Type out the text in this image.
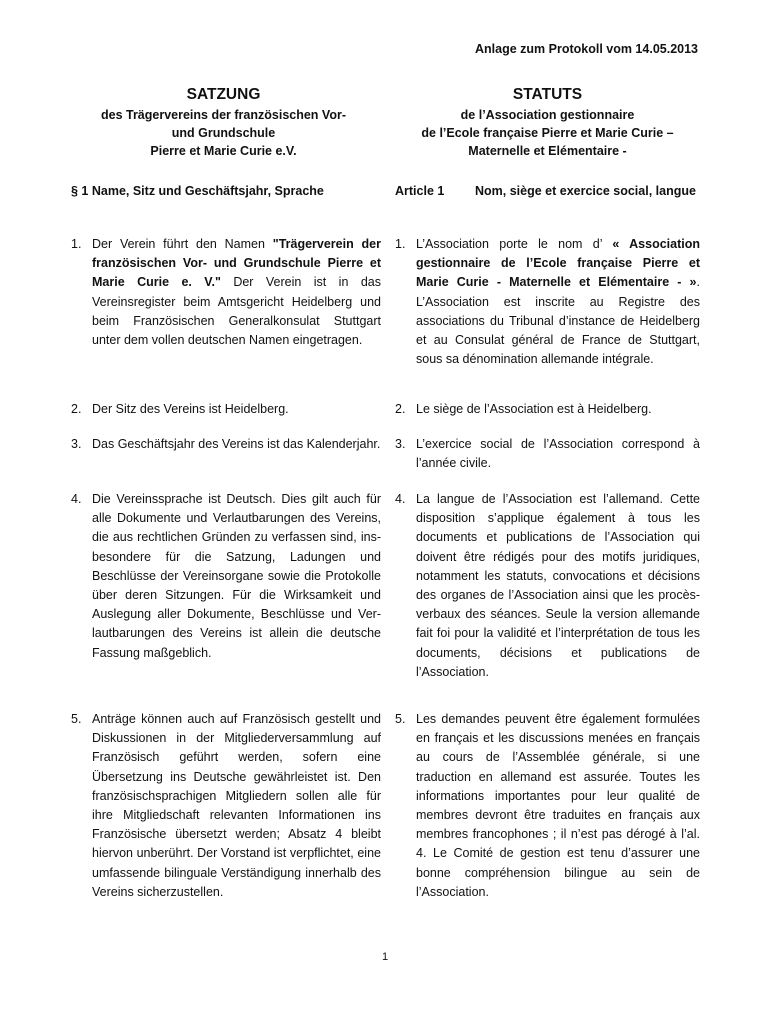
Anlage zum Protokoll vom 14.05.2013

SATZUNG

des Trägervereins der französischen Vor-
und Grundschule
Pierre et Marie Curie e.V.

STATUTS

de l’Association gestionnaire
de l’Ecole française Pierre et Marie Curie –
Maternelle et Elémentaire -

§ 1 Name, Sitz und Geschäftsjahr, Sprache	Article 1	Nom, siège et exercice social, langue
1. Der Verein führt den Namen "Trägerverein der französischen Vor- und Grundschule Pierre et Marie Curie e. V." Der Verein ist in das Vereinsregister beim Amtsgericht Heidelberg und beim Französischen Generalkonsulat Stuttgart unter dem vollen deutschen Namen eingetragen.
2. Der Sitz des Vereins ist Heidelberg.
3. Das Geschäftsjahr des Vereins ist das Kalenderjahr.
4. Die Vereinssprache ist Deutsch. Dies gilt auch für alle Dokumente und Verlautbarungen des Vereins, die aus rechtlichen Gründen zu verfassen sind, insbesondere für die Satzung, Ladungen und Beschlüsse der Vereinsorgane sowie die Protokolle über deren Sitzungen. Für die Wirksamkeit und Auslegung aller Dokumente, Beschlüsse und Verlautbarungen des Vereins ist allein die deutsche Fassung maßgeblich.
5. Anträge können auch auf Französisch gestellt und Diskussionen in der Mitgliederversammlung auf Französisch geführt werden, sofern eine Übersetzung ins Deutsche gewährleistet ist. Den französischsprachigen Mitgliedern sollen alle für ihre Mitgliedschaft relevanten Informationen ins Französische übersetzt werden; Absatz 4 bleibt hiervon unberührt. Der Vorstand ist verpflichtet, eine umfassende bilinguale Verständigung innerhalb des Vereins sicherzustellen.
1. L’Association porte le nom d’ « Association gestionnaire de l’Ecole française Pierre et Marie Curie - Maternelle et Elémentaire - ». L’Association est inscrite au Registre des associations du Tribunal d’instance de Heidelberg et au Consulat général de France de Stuttgart, sous sa dénomination allemande intégrale.
2. Le siège de l’Association est à Heidelberg.
3. L’exercice social de l’Association correspond à l’année civile.
4. La langue de l’Association est l’allemand. Cette disposition s’applique également à tous les documents et publications de l’Association qui doivent être rédigés pour des motifs juridiques, notamment les statuts, convocations et décisions des organes de l’Association ainsi que les procès-verbaux des séances. Seule la version allemande fait foi pour la validité et l’interprétation de tous les documents, décisions et publications de l’Association.
5. Les demandes peuvent être également formulées en français et les discussions menées en français au cours de l’Assemblée générale, si une traduction en allemand est assurée. Toutes les informations importantes pour leur qualité de membres devront être traduites en français aux membres francophones ; il n’est pas dérogé à l’al. 4. Le Comité de gestion est tenu d’assurer une bonne compréhension bilingue au sein de l’Association.
1
